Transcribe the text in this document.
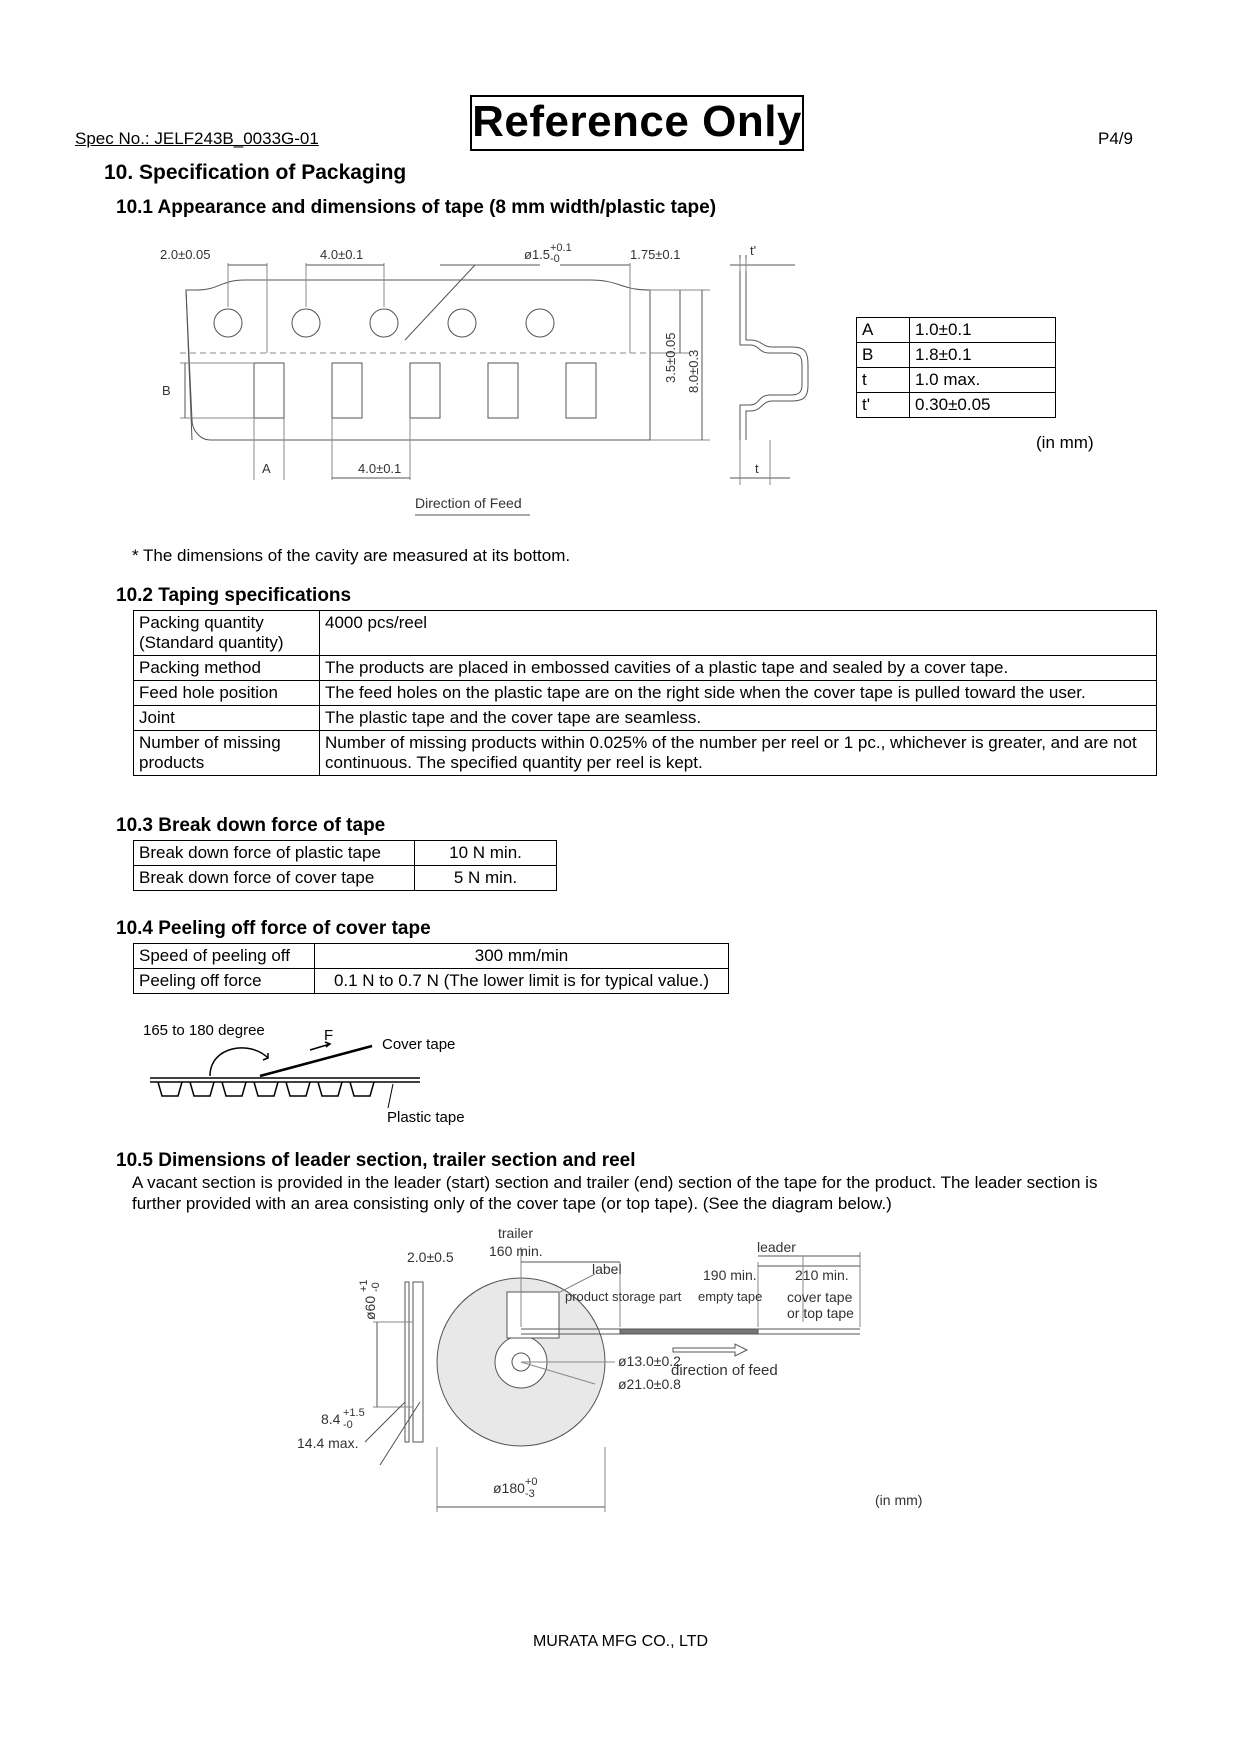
Spec No.: JELF243B_0033G-01	Reference Only	P4/9
10. Specification of Packaging
10.1 Appearance and dimensions of tape (8 mm width/plastic tape)
2.0±0.05	4.0±0.1	ø1.5 +0.1
-0	1.75±0.1	t'
3.5±0.05 8.0±0.3
B
A	4.0±0.1	t
Direction of Feed
A	1.0±0.1
B	1.8±0.1
t	1.0 max.
t'	0.30±0.05
(in mm)
* The dimensions of the cavity are measured at its bottom.
10.2 Taping specifications
Packing quantity (Standard quantity)	4000 pcs/reel
Packing method	The products are placed in embossed cavities of a plastic tape and sealed by a cover tape.
Feed hole position	The feed holes on the plastic tape are on the right side when the cover tape is pulled toward the user.
Joint	The plastic tape and the cover tape are seamless.
Number of missing products	Number of missing products within 0.025% of the number per reel or 1 pc., whichever is greater, and are not continuous. The specified quantity per reel is kept.
10.3 Break down force of tape
Break down force of plastic tape	10 N min.
Break down force of cover tape	5 N min.
10.4 Peeling off force of cover tape
Speed of peeling off	300 mm/min
Peeling off force	0.1 N to 0.7 N (The lower limit is for typical value.)
165 to 180 degree	F
Cover tape
Plastic tape
10.5 Dimensions of leader section, trailer section and reel
A vacant section is provided in the leader (start) section and trailer (end) section of the tape for the product. The leader section is further provided with an area consisting only of the cover tape (or top tape). (See the diagram below.)
trailer
160 min.
2.0±0.5
leader
label
product storage part
190 min.
empty tape
210 min.
cover tape
or top tape
ø13.0±0.2
ø21.0±0.8
direction of feed
ø60
+1 -0
8.4 +1.5
-0
14.4 max.
ø180 +0
-3	(in mm)
MURATA MFG CO., LTD
